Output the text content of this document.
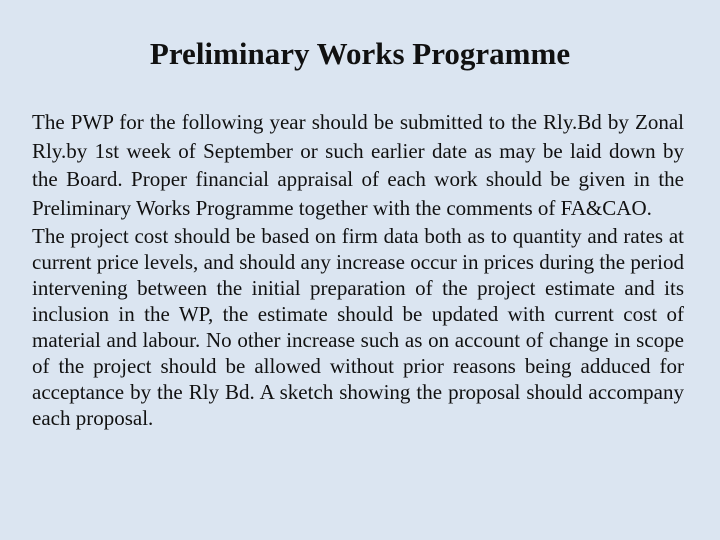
Preliminary Works Programme

The PWP for the following year should be submitted to the Rly.Bd by Zonal Rly.by 1st week of September or such earlier date as may be laid down by the Board. Proper financial appraisal of each work should be given in the Preliminary Works Programme together with the comments of FA&CAO.

The project cost should be based on firm data both as to quantity and rates at current price levels, and should any increase occur in prices during the period intervening between the initial preparation of the project estimate and its inclusion in the WP, the estimate should be updated with current cost of material and labour. No other increase such as on account of change in scope of the project should be allowed without prior reasons being adduced for acceptance by the Rly Bd. A sketch showing the proposal should accompany each proposal.
